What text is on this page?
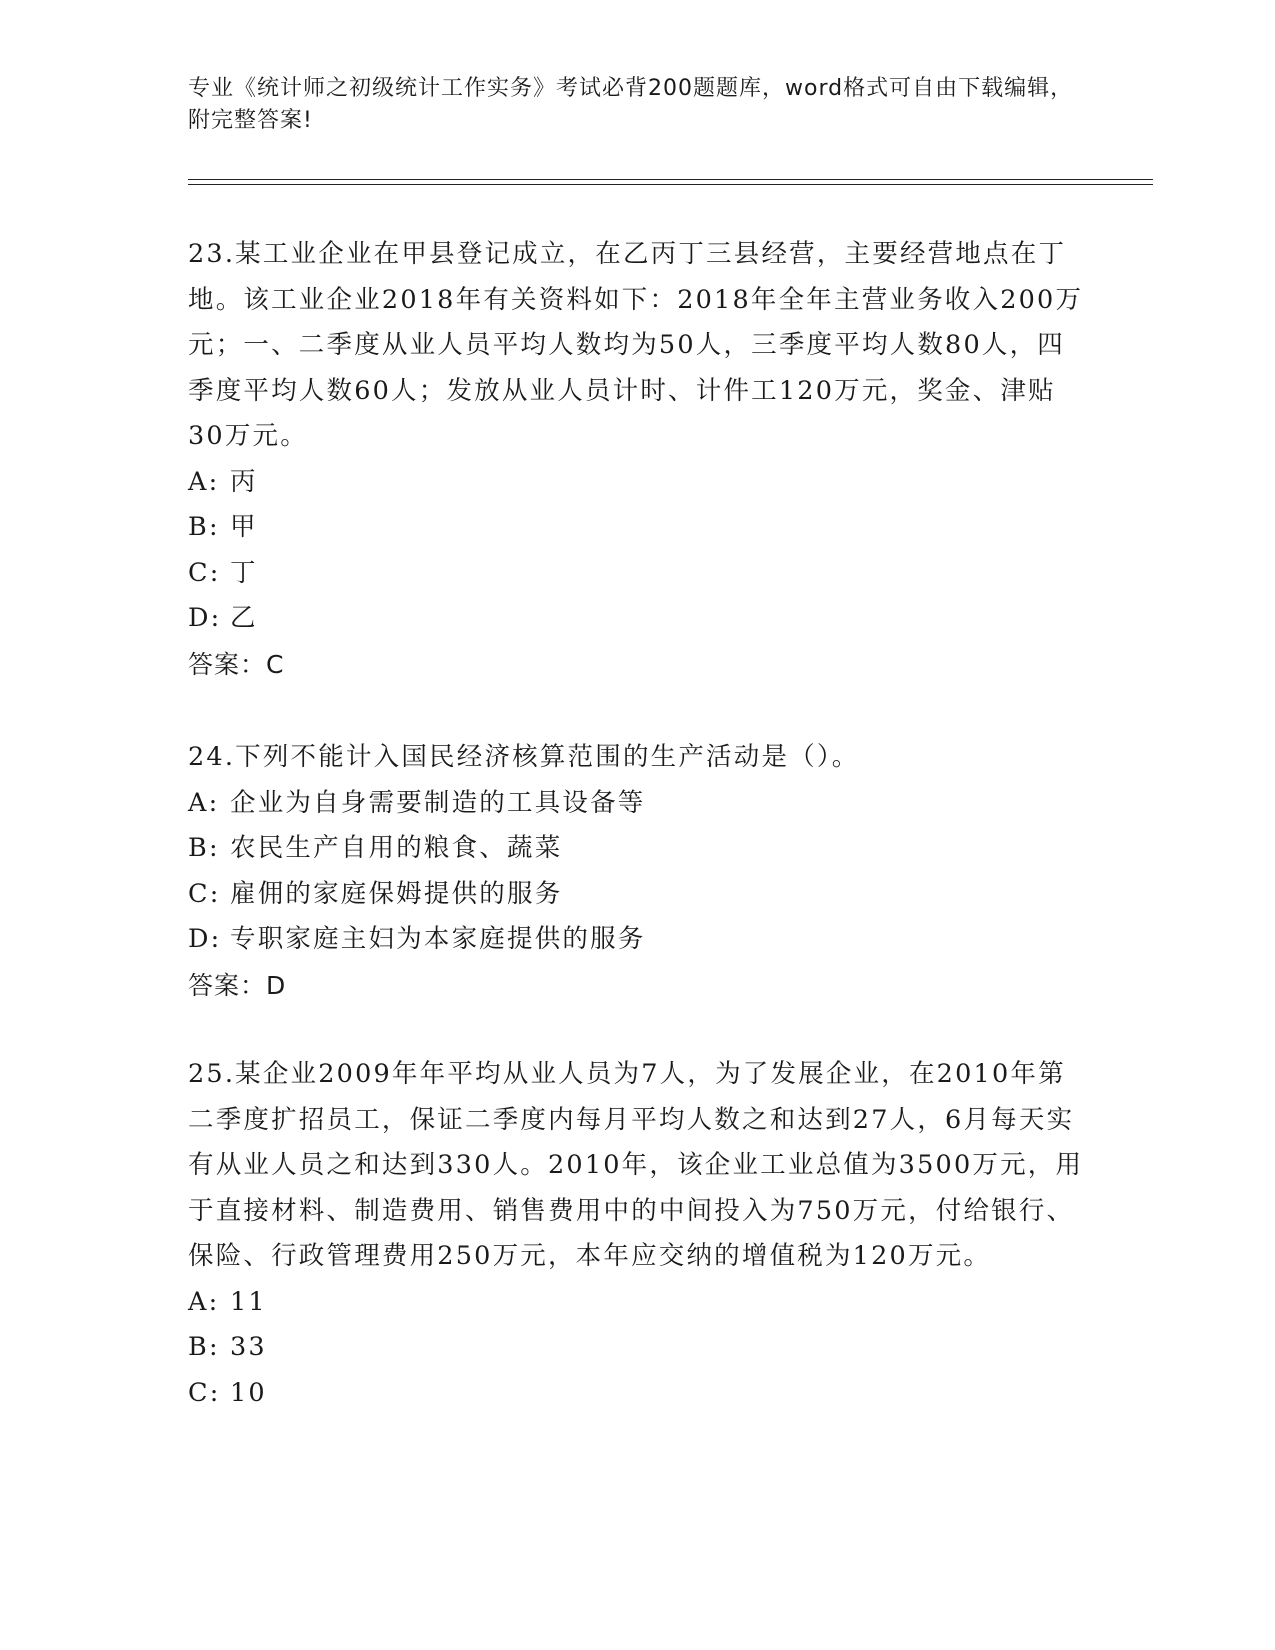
专业《统计师之初级统计工作实务》考试必背200题题库，word格式可自由下载编辑，附完整答案!

23.某工业企业在甲县登记成立，在乙丙丁三县经营，主要经营地点在丁地。该工业企业2018年有关资料如下：2018年全年主营业务收入200万元；一、二季度从业人员平均人数均为50人，三季度平均人数80人，四季度平均人数60人；发放从业人员计时、计件工120万元，奖金、津贴30万元。

A: 丙

B: 甲

C: 丁

D: 乙

答案：C

24.下列不能计入国民经济核算范围的生产活动是（）。

A: 企业为自身需要制造的工具设备等

B: 农民生产自用的粮食、蔬菜

C: 雇佣的家庭保姆提供的服务

D: 专职家庭主妇为本家庭提供的服务

答案：D

25.某企业2009年年平均从业人员为7人，为了发展企业，在2010年第二季度扩招员工，保证二季度内每月平均人数之和达到27人，6月每天实有从业人员之和达到330人。2010年，该企业工业总值为3500万元，用于直接材料、制造费用、销售费用中的中间投入为750万元，付给银行、保险、行政管理费用250万元，本年应交纳的增值税为120万元。

A: 11

B: 33

C: 10
